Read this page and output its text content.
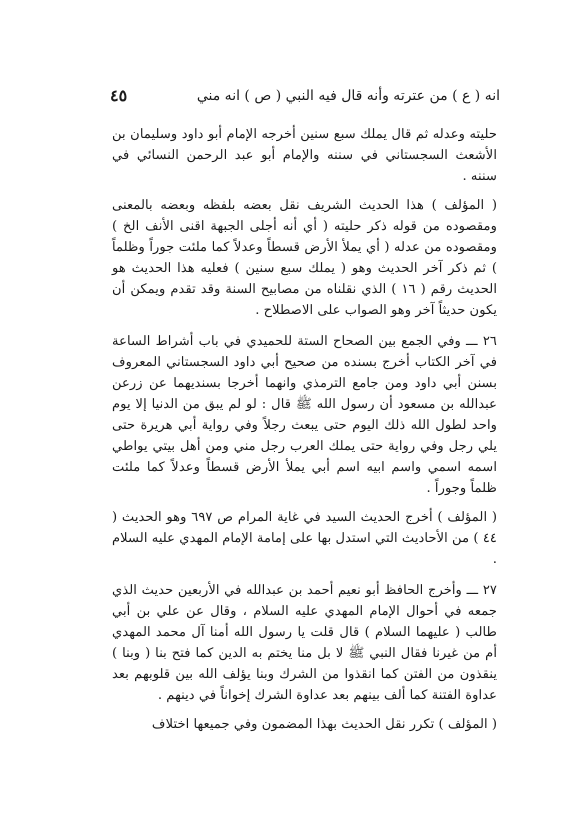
انه ( ع ) من عترته وأنه قال فيه النبي ( ص ) انه مني
٤٥

حليته وعدله ثم قال يملك سبع سنين أخرجه الإمام أبو داود وسليمان بن الأشعث السجستاني في سننه والإمام أبو عبد الرحمن النسائي في سننه .

( المؤلف ) هذا الحديث الشريف نقل بعضه بلفظه وبعضه بالمعنى ومقصوده من قوله ذكر حليته ( أي أنه أجلى الجبهة اقنى الأنف الخ ) ومقصوده من عدله ( أي يملأ الأرض قسطاً وعدلاً كما ملئت جوراً وظلماً ) ثم ذكر آخر الحديث وهو ( يملك سبع سنين ) فعليه هذا الحديث هو الحديث رقم ( ١٦ ) الذي نقلناه من مصابيح السنة وقد تقدم ويمكن أن يكون حديثاً آخر وهو الصواب على الاصطلاح .

٢٦ ـــ وفي الجمع بين الصحاح الستة للحميدي في باب أشراط الساعة في آخر الكتاب أخرج بسنده من صحيح أبي داود السجستاني المعروف بسنن أبي داود ومن جامع الترمذي وانهما أخرجا بسنديهما عن زرعن عبدالله بن مسعود أن رسول الله ﷺ قال : لو لم يبق من الدنيا إلا يوم واحد لطول الله ذلك اليوم حتى يبعث رجلاً وفي رواية أبي هريرة حتى يلي رجل وفي رواية حتى يملك العرب رجل مني ومن أهل بيتي يواطي اسمه اسمي واسم ابيه اسم أبي يملأ الأرض قسطاً وعدلاً كما ملئت ظلماً وجوراً .

( المؤلف ) أخرج الحديث السيد في غاية المرام ص ٦٩٧ وهو الحديث ( ٤٤ ) من الأحاديث التي استدل بها على إمامة الإمام المهدي عليه السلام .

٢٧ ـــ وأخرج الحافظ أبو نعيم أحمد بن عبدالله في الأربعين حديث الذي جمعه في أحوال الإمام المهدي عليه السلام ، وقال عن علي بن أبي طالب ( عليهما السلام ) قال قلت يا رسول الله أمنا آل محمد المهدي أم من غيرنا فقال النبي ﷺ لا بل منا يختم به الدين كما فتح بنا ( وبنا ) ينقذون من الفتن كما انقذوا من الشرك وبنا يؤلف الله بين قلوبهم بعد عداوة الفتنة كما ألف بينهم بعد عداوة الشرك إخواناً في دينهم .

( المؤلف ) تكرر نقل الحديث بهذا المضمون وفي جميعها اختلاف
